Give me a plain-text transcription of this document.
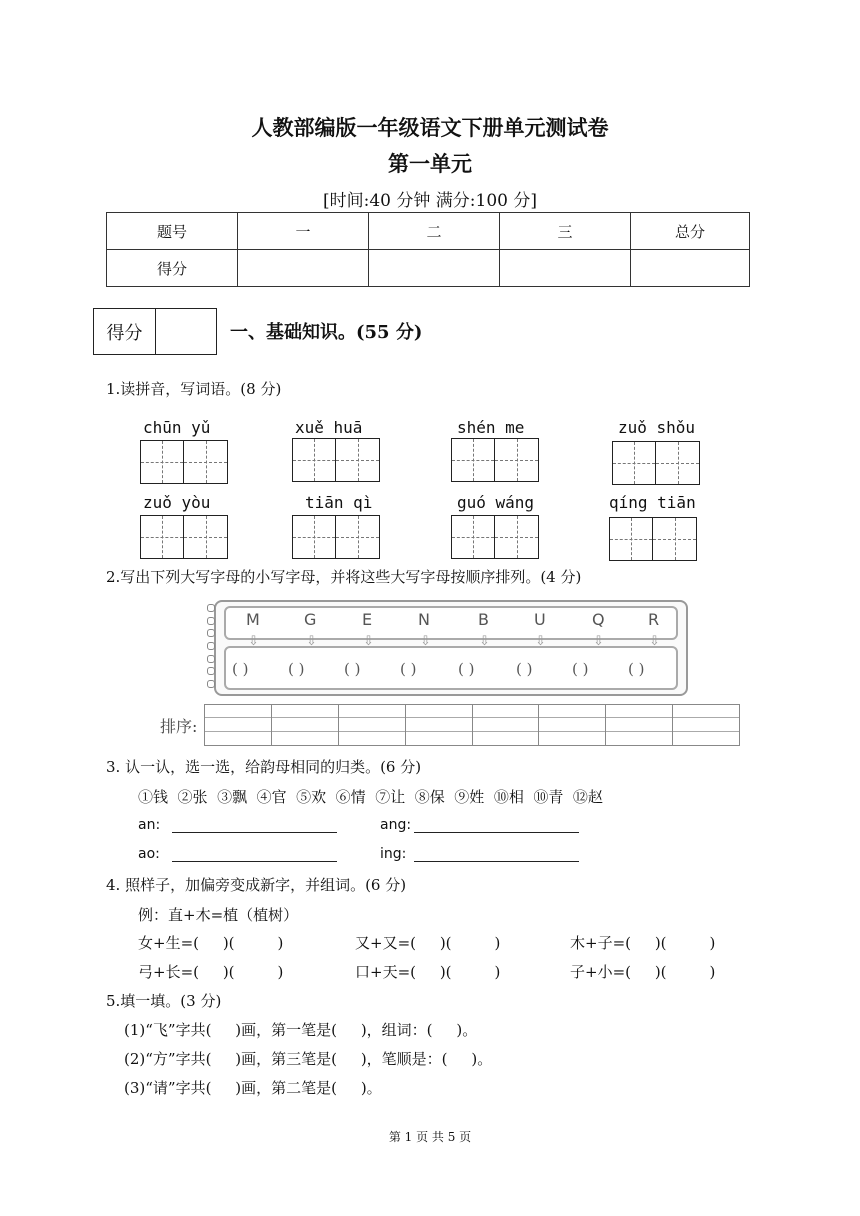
人教部编版一年级语文下册单元测试卷
第一单元
[时间:40 分钟 满分:100 分]
题号	一	二	三	总分
得分				
得分	一、基础知识。(55 分)
1.读拼音，写词语。(8 分)
chūn yǔ	xuě huā	shén me	zuǒ shǒu
zuǒ yòu	tiān qì	guó wáng	qíng tiān
2.写出下列大写字母的小写字母，并将这些大写字母按顺序排列。(4 分)
M	G	E	N	B	U	Q	R
⇩	⇩	⇩	⇩	⇩	⇩	⇩	⇩
( )	( )	( )	( )	( )	( )	( )	( )
排序:
3. 认一认，选一选，给韵母相同的归类。(6 分)
①钱  ②张  ③飘  ④官  ⑤欢  ⑥情  ⑦让  ⑧保  ⑨姓  ⑩相  ⑩青  ⑫赵
an:	ang:
ao:	ing:
4. 照样子，加偏旁变成新字，并组词。(6 分)
例：直+木=植（植树）
女+生=(     )(         )	又+又=(     )(         )	木+子=(     )(         )
弓+长=(     )(         )	口+天=(     )(         )	子+小=(     )(         )
5.填一填。(3 分)
(1)“飞”字共(     )画，第一笔是(     )，组词：(     )。
(2)“方”字共(     )画，第三笔是(     )，笔顺是：(     )。
(3)“请”字共(     )画，第二笔是(     )。
第 1 页 共 5 页
